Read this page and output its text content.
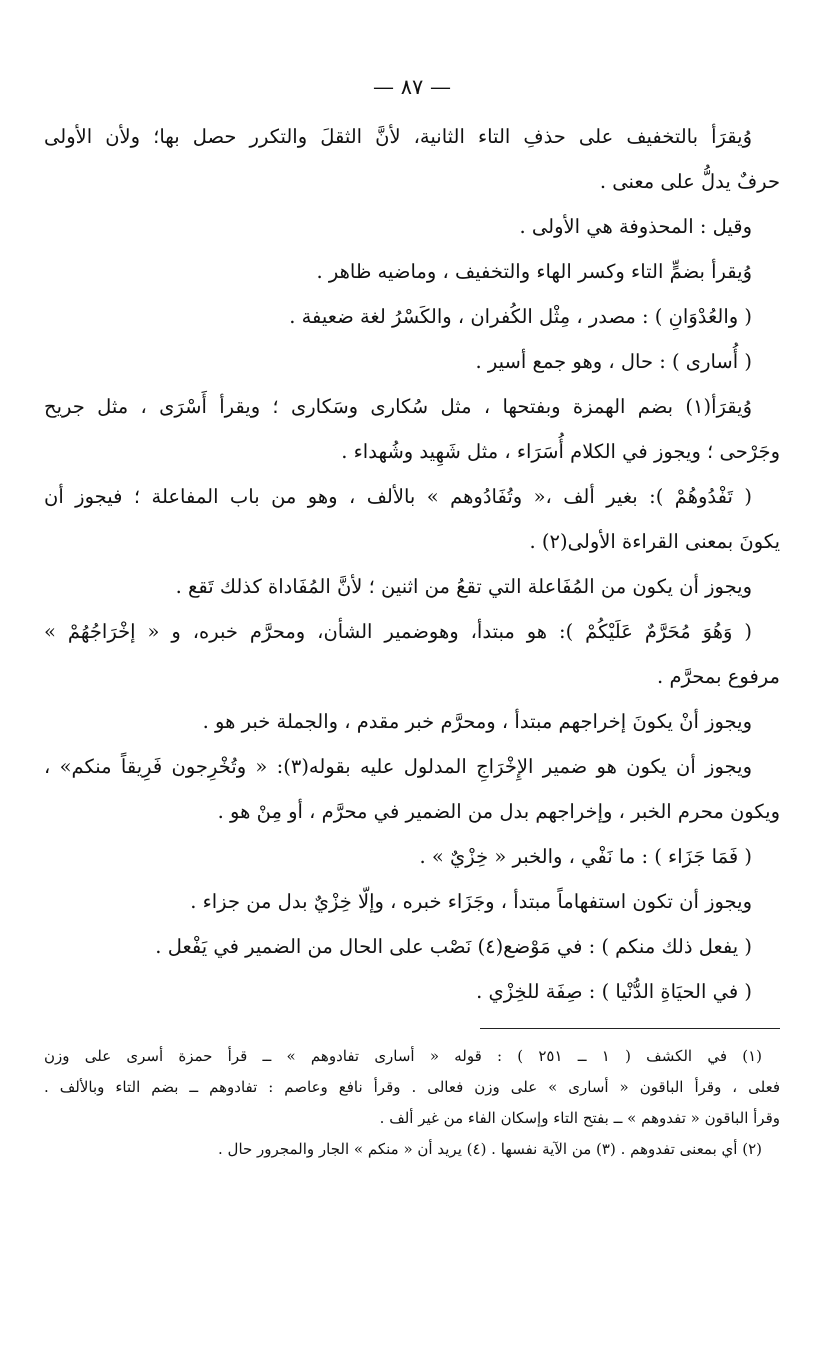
— ٨٧ —
وُيقرَأ بالتخفيف على حذفِ التاء الثانية، لأنَّ الثقلَ والتكرر حصل بها؛ ولأن الأولى
حرفٌ يدلُّ على معنى .
وقيل : المحذوفة هي الأولى .
وُيقرأ بضمٍّ التاء وكسر الهاء والتخفيف ، وماضيه ظاهر .
( والعُدْوَانِ ) : مصدر ، مِثْل الكُفران ، والكَسْرُ لغة ضعيفة .
( أُسارى ) : حال ، وهو جمع أسير .
وُيقرَأ(١) بضم الهمزة وبفتحها ، مثل سُكارى وسَكارى ؛ ويقرأ أَسْرَى ، مثل جريح
وجَرْحى ؛ ويجوز في الكلام أُسَرَاء ، مثل شَهِيد وشُهداء .
( تَفْدُوهُمْ ): بغير ألف ،« وتُفَادُوهم » بالألف ، وهو من باب المفاعلة ؛ فيجوز أن
يكونَ بمعنى القراءة الأولى(٢) .
ويجوز أن يكون من المُفَاعلة التي تقعُ من اثنين ؛ لأنَّ المُفَاداة كذلك تَقع .
( وَهُوَ مُحَرَّمٌ عَلَيْكُمْ ): هو مبتدأ، وهوضمير الشأن، ومحرَّم خبره، و « إخْرَاجُهُمْ »
مرفوع بمحرَّم .
ويجوز أنْ يكونَ إخراجهم مبتدأ ، ومحرَّم خبر مقدم ، والجملة خبر هو .
ويجوز أن يكون هو ضمير الإِخْرَاجِ المدلول عليه بقوله(٣): « وتُخْرِجون فَرِيقاً منكم» ،
ويكون محرم الخبر ، وإخراجهم بدل من الضمير في محرَّم ، أو مِنْ هو .
( فَمَا جَزَاء ) : ما نَفْي ، والخبر « خِزْيٌ » .
ويجوز أن تكون استفهاماً مبتدأ ، وجَزَاء خبره ، وإلّا خِزْيٌ بدل من جزاء .
( يفعل ذلك منكم ) : في مَوْضع(٤) نَصْب على الحال من الضمير في يَفْعل .
( في الحيَاةِ الدُّنْيا ) : صِفَة للخِزْي .
(١) في الكشف ( ١ ــ ٢٥١ ) : قوله « أسارى تفادوهم » ــ قرأ حمزة أسرى على وزن
فعلى ، وقرأ الباقون « أسارى » على وزن فعالى . وقرأ نافع وعاصم : تفادوهم ــ بضم التاء وبالألف .
وقرأ الباقون « تفدوهم » ــ بفتح التاء وإسكان الفاء من غير ألف .
(٢) أي بمعنى تفدوهم . (٣) من الآية نفسها . (٤) يريد أن « منكم » الجار والمجرور حال .
